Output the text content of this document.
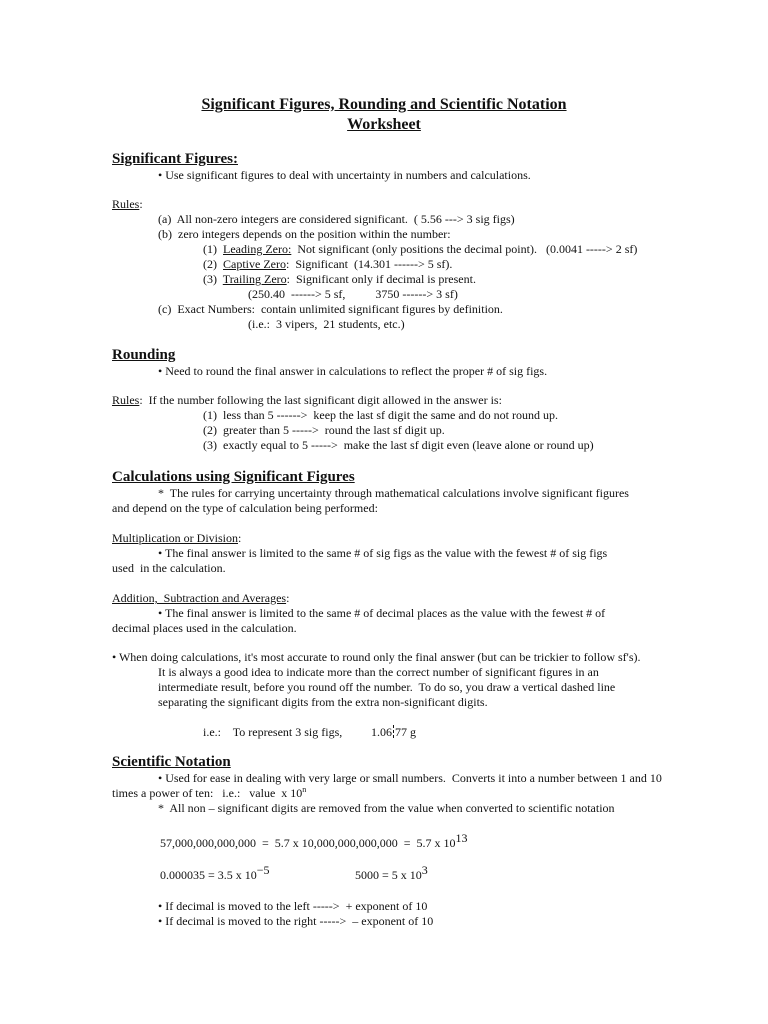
Significant Figures, Rounding and Scientific Notation
Worksheet
Significant Figures:
• Use significant figures to deal with uncertainty in numbers and calculations.
Rules:
(a)  All non-zero integers are considered significant.  ( 5.56 ---> 3 sig figs)
(b)  zero integers depends on the position within the number:
(1)  Leading Zero:  Not significant (only positions the decimal point).   (0.0041 -----> 2 sf)
(2)  Captive Zero:  Significant  (14.301 ------> 5 sf).
(3)  Trailing Zero:  Significant only if decimal is present.
(250.40  ------> 5 sf,          3750 ------> 3 sf)
(c)  Exact Numbers:  contain unlimited significant figures by definition.
(i.e.:  3 vipers,  21 students, etc.)
Rounding
• Need to round the final answer in calculations to reflect the proper # of sig figs.
Rules:  If the number following the last significant digit allowed in the answer is:
(1)  less than 5 ------>  keep the last sf digit the same and do not round up.
(2)  greater than 5 ----->  round the last sf digit up.
(3)  exactly equal to 5 ----->  make the last sf digit even (leave alone or round up)
Calculations using Significant Figures
*  The rules for carrying uncertainty through mathematical calculations involve significant figures
and depend on the type of calculation being performed:
Multiplication or Division:
• The final answer is limited to the same # of sig figs as the value with the fewest # of sig figs
used  in the calculation.
Addition,  Subtraction and Averages:
• The final answer is limited to the same # of decimal places as the value with the fewest # of
decimal places used in the calculation.
• When doing calculations, it's most accurate to round only the final answer (but can be trickier to follow sf's).
It is always a good idea to indicate more than the correct number of significant figures in an
intermediate result, before you round off the number.  To do so, you draw a vertical dashed line
separating the significant digits from the extra non-significant digits.
i.e.:    To represent 3 sig figs, 1.06 77 g
Scientific Notation
• Used for ease in dealing with very large or small numbers.  Converts it into a number between 1 and 10
times a power of ten:   i.e.:   value  x 10$^n$
*  All non – significant digits are removed from the value when converted to scientific notation
57,000,000,000,000  =  5.7 x 10,000,000,000,000  =  5.7 x 1013
0.000035 = 3.5 x 10−5	5000 = 5 x 103
• If decimal is moved to the left ----->  + exponent of 10
• If decimal is moved to the right ----->  – exponent of 10
